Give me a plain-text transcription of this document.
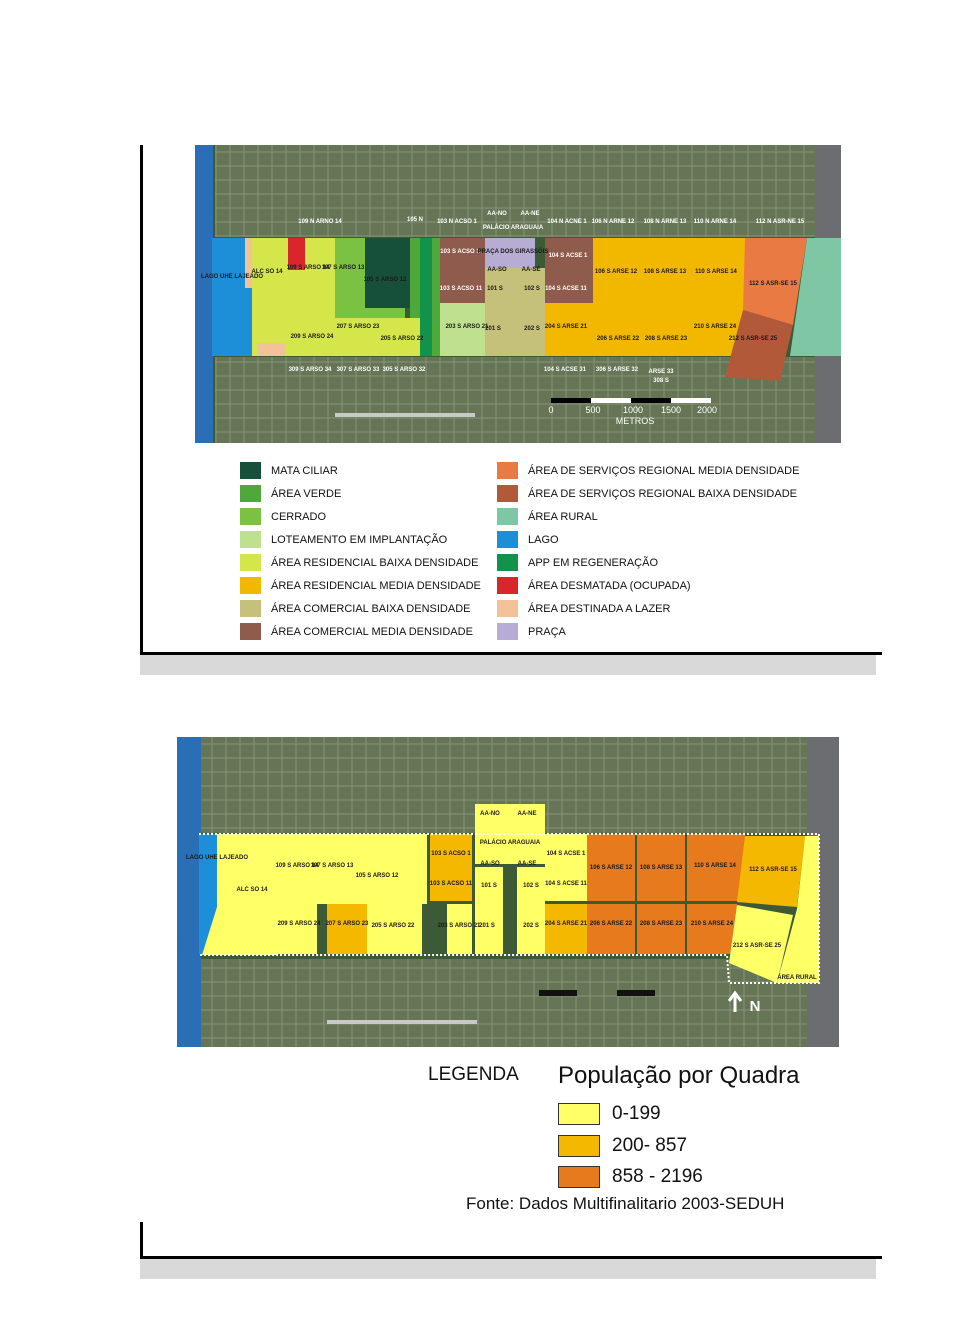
LAGO UHE LAJEADO
ALC SO 14
109 N ARNO 14	105 N 103 N ACSO 1
AA-NO AA-NE
PALÁCIO ARAGUAIA
104 N ACNE 1 106 N ARNE 12 108 N ARNE 13 110 N ARNE 14	112 N ASR-NE 15
109 S ARSO 14
107 S ARSO 13
105 S ARSO 12
103 S ACSO 1
PRAÇA DOS GIRASSÓIS
AA-SO AA-SE
104 S ACSE 1
106 S ARSE 12 108 S ARSE 13 110 S ARSE 14
112 S ASR-SE 15
103 S ACSO 11	104 S ACSE 11
101 S	102 S
209 S ARSO 24
207 S ARSO 23
205 S ARSO 22
203 S ARSO 21
201 S	202 S 204 S ARSE 21
206 S ARSE 22 208 S ARSE 23
210 S ARSE 24
212 S ASR-SE 25
309 S ARSO 34 307 S ARSO 33 305 S ARSO 32	104 S ACSE 31 306 S ARSE 32 ARSE 33
308 S
0	500 1000 1500 2000
METROS
MATA CILIAR
ÁREA VERDE
CERRADO
LOTEAMENTO EM IMPLANTAÇÃO
ÁREA RESIDENCIAL BAIXA DENSIDADE
ÁREA RESIDENCIAL MEDIA DENSIDADE
ÁREA COMERCIAL BAIXA DENSIDADE
ÁREA COMERCIAL MEDIA DENSIDADE
ÁREA DE SERVIÇOS REGIONAL MEDIA DENSIDADE
ÁREA DE SERVIÇOS REGIONAL BAIXA DENSIDADE
ÁREA RURAL
LAGO
APP EM REGENERAÇÃO
ÁREA DESMATADA (OCUPADA)
ÁREA DESTINADA A LAZER
PRAÇA
LAGO UHE LAJEADO
ALC SO 14
AA-NO	AA-NE
PALÁCIO ARAGUAIA
AA-SO	AA-SE
109 S ARSO 14
107 S ARSO 13
105 S ARSO 12
103 S ACSO 1
103 S ACSO 11 101 S	102 S
104 S ACSE 1
104 S ACSE 11
106 S ARSE 12 108 S ARSE 13 110 S ARSE 14
112 S ASR-SE 15
209 S ARSO 24 207 S ARSO 23 205 S ARSO 22	203 S ARSO 21
201 S	202 S 204 S ARSE 21 206 S ARSE 22 208 S ARSE 23 210 S ARSE 24
212 S ASR-SE 25
ÁREA RURAL
N
LEGENDA População por Quadra
0-199
200- 857
858 - 2196
Fonte: Dados Multifinalitario 2003-SEDUH
